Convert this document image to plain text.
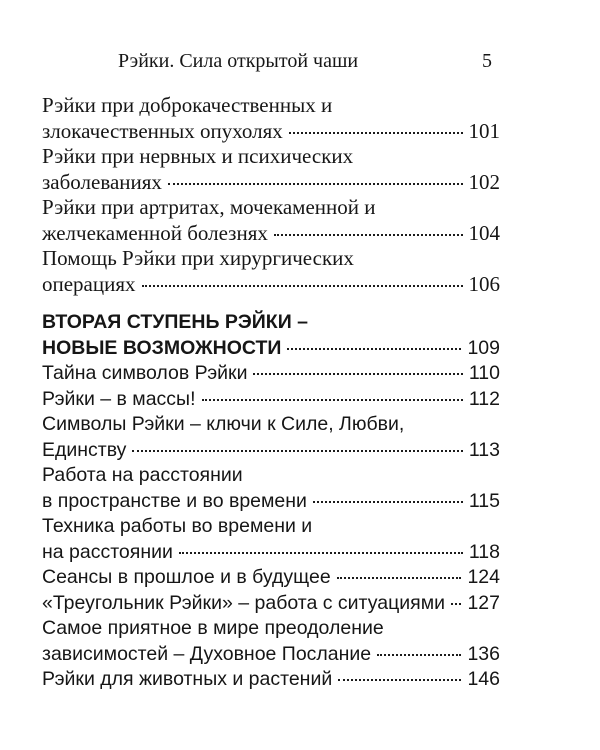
Рэйки. Сила открытой чаши	5
Рэйки при доброкачественных и
злокачественных опухолях	101
Рэйки при нервных и психических
заболеваниях	102
Рэйки при артритах, мочекаменной и
желчекаменной болезнях	104
Помощь Рэйки при хирургических
операциях	106
ВТОРАЯ СТУПЕНЬ РЭЙКИ –
НОВЫЕ ВОЗМОЖНОСТИ	109
Тайна символов Рэйки	110
Рэйки – в массы!	112
Символы Рэйки – ключи к Силе, Любви,
Единству	113
Работа на расстоянии
в пространстве и во времени	115
Техника работы во времени и
на расстоянии	118
Сеансы в прошлое и в будущее	124
«Треугольник Рэйки» – работа с ситуациями 127
Самое приятное в мире преодоление
зависимостей – Духовное Послание	136
Рэйки для животных и растений	146
